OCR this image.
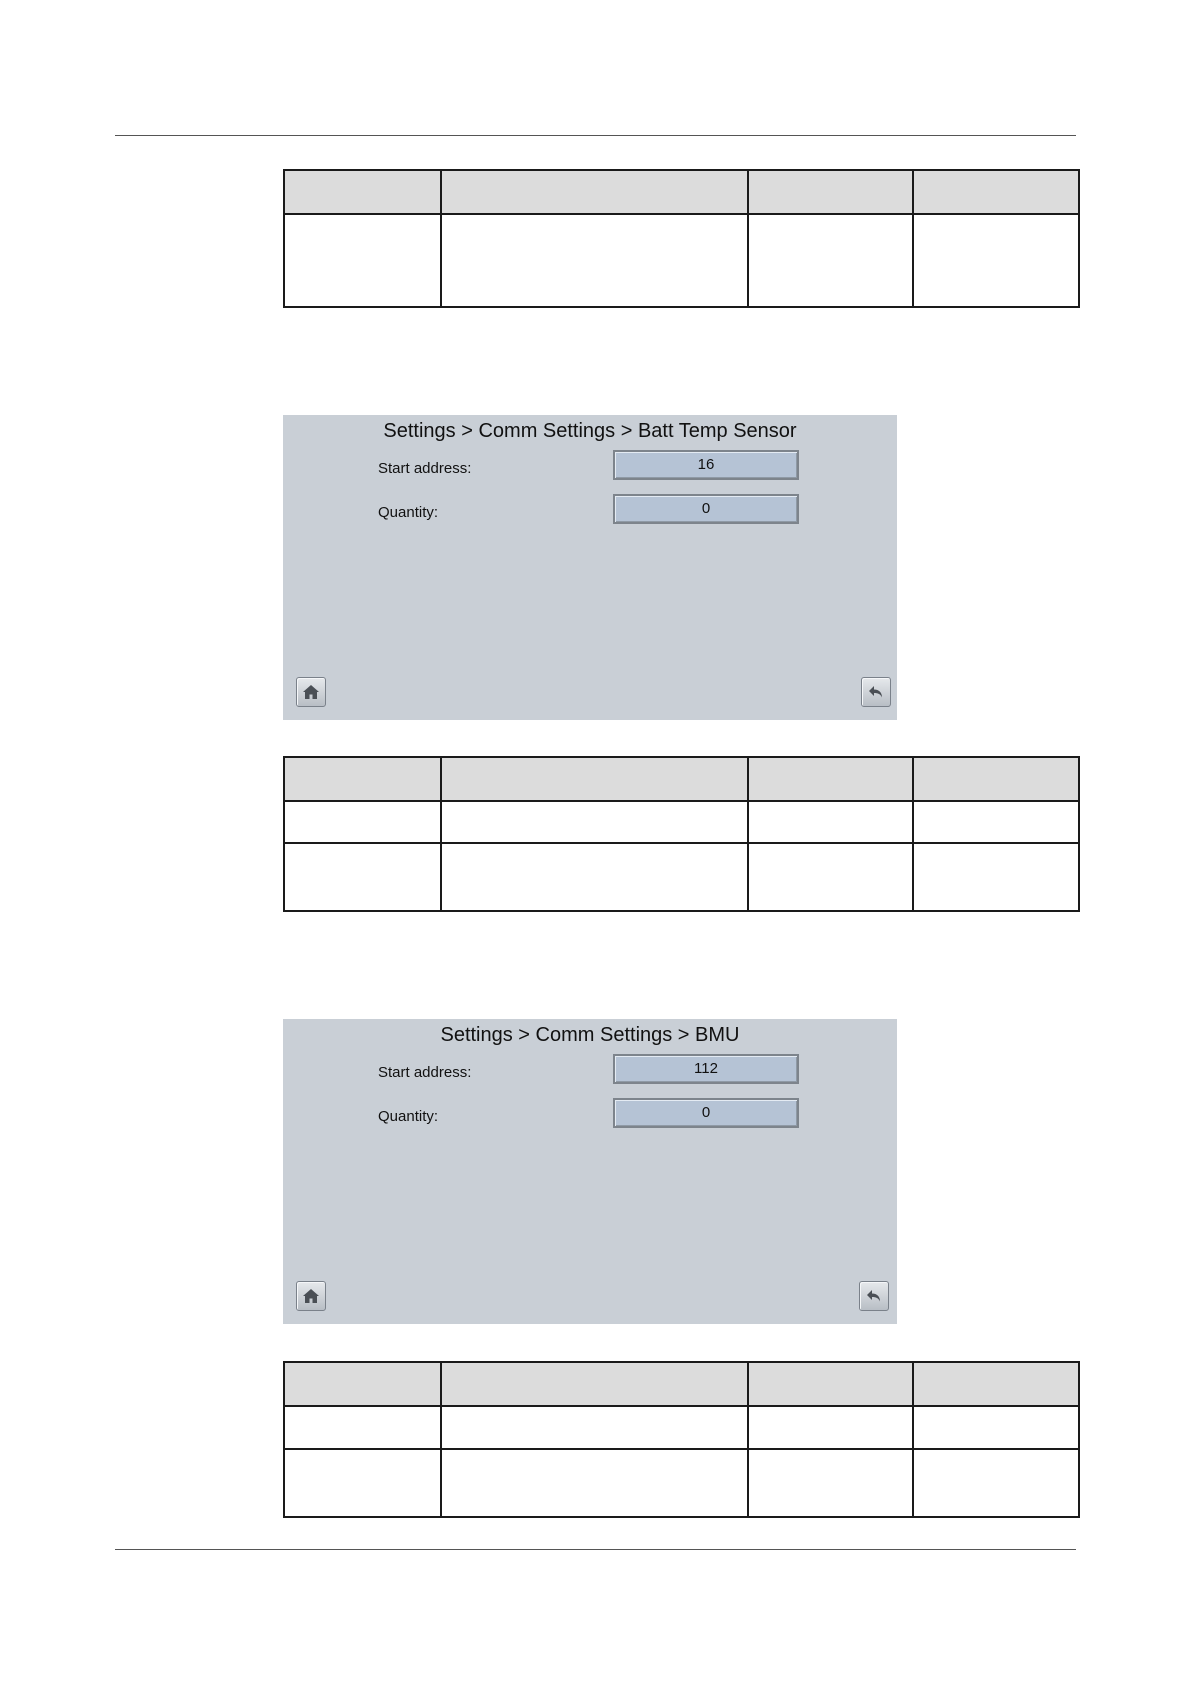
Settings > Comm Settings > Batt Temp Sensor
Start address:	16
Quantity:	0

Settings > Comm Settings > BMU
Start address:	112
Quantity:	0
